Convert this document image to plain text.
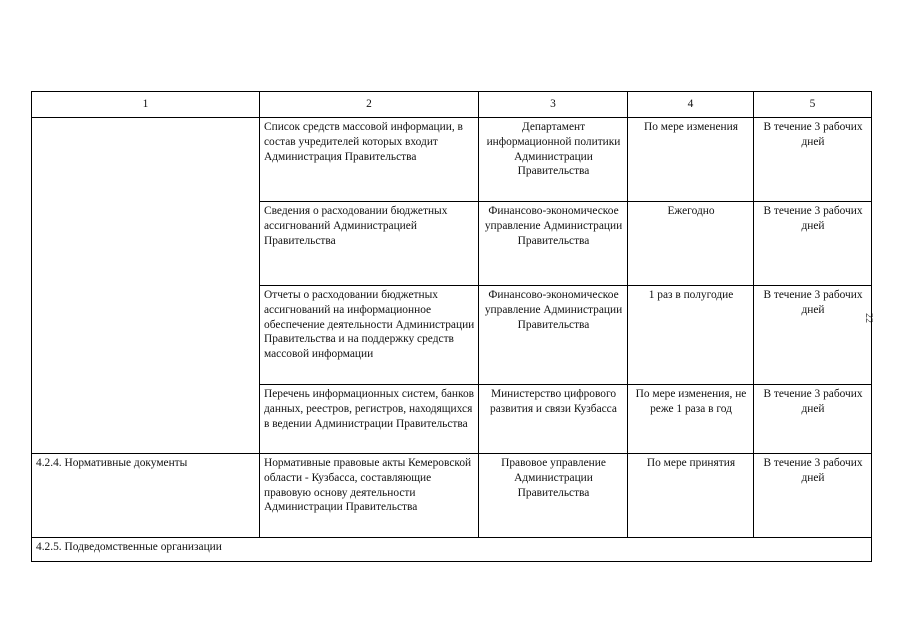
22
1	2	3	4	5
	Список средств массовой информации, в состав учредителей которых входит Администрация Правительства	Департамент информационной политики Администрации Правительства	По мере изменения	В течение 3 рабочих дней
	Сведения о расходовании бюджетных ассигнований Администрацией Правительства	Финансово-экономическое управление Администрации Правительства	Ежегодно	В течение 3 рабочих дней
	Отчеты о расходовании бюджетных ассигнований на информационное обеспечение деятельности Администрации Правительства и на поддержку средств массовой информации	Финансово-экономическое управление Администрации Правительства	1 раз в полугодие	В течение 3 рабочих дней
	Перечень информационных систем, банков данных, реестров, регистров, находящихся в ведении Администрации Правительства	Министерство цифрового развития и связи Кузбасса	По мере изменения, не реже 1 раза в год	В течение 3 рабочих дней
4.2.4. Нормативные документы	Нормативные правовые акты Кемеровской области - Кузбасса, составляющие правовую основу деятельности Администрации Правительства	Правовое управление Администрации Правительства	По мере принятия	В течение 3 рабочих дней
4.2.5. Подведомственные организации				
